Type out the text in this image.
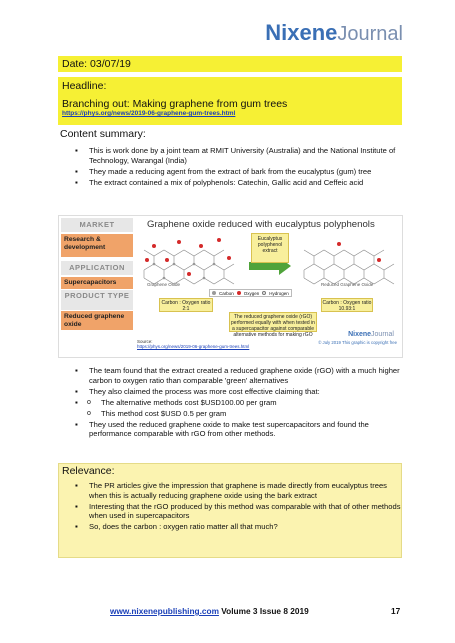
NixeneJournal
Date: 03/07/19
Headline:
Branching out: Making graphene from gum trees
https://phys.org/news/2019-06-graphene-gum-trees.html
Content summary:
▪ This is work done by a joint team at RMIT University (Australia) and the National Institute of Technology, Warangal (India)
▪ They made a reducing agent from the extract of bark from the eucalyptus (gum) tree
▪ The extract contained a mix of polyphenols: Catechin, Gallic acid and Ceffeic acid
MARKET
Research & development
APPLICATION
Supercapacitors
PRODUCT TYPE
Reduced graphene oxide
Graphene oxide reduced with eucalyptus polyphenols
Eucalyptus polyphenol extract
Graphene Oxide	Reduced Graphene Oxide
Carbon Oxygen Hydrogen
Carbon : Oxygen ratio 2:1
Carbon : Oxygen ratio 10.93:1
The reduced graphene oxide (rGO) performed equally with when tested in a supercapacitor against comparable alternative methods for making rGO
Source:
https://phys.org/news/2019-06-graphene-gum-trees.html
NixeneJournal
© July 2019 This graphic is copyright free
▪ The team found that the extract created a reduced graphene oxide (rGO) with a much higher carbon to oxygen ratio than comparable 'green' alternatives
▪ They also claimed the process was more cost effective claiming that:
o ▪ The alternative methods cost $USD100.00 per gram
o This method cost $USD 0.5 per gram
▪ They used the reduced graphene oxide to make test supercapacitors and found the performance comparable with rGO from other methods.
Relevance:
▪ The PR articles give the impression that graphene is made directly from eucalyptus trees when this is actually reducing graphene oxide using the bark extract
▪ Interesting that the rGO produced by this method was comparable with that of other methods when used in supercapacitors
▪ So, does the carbon : oxygen ratio matter all that much?
www.nixenepublishing.com Volume 3 Issue 8 2019	17
